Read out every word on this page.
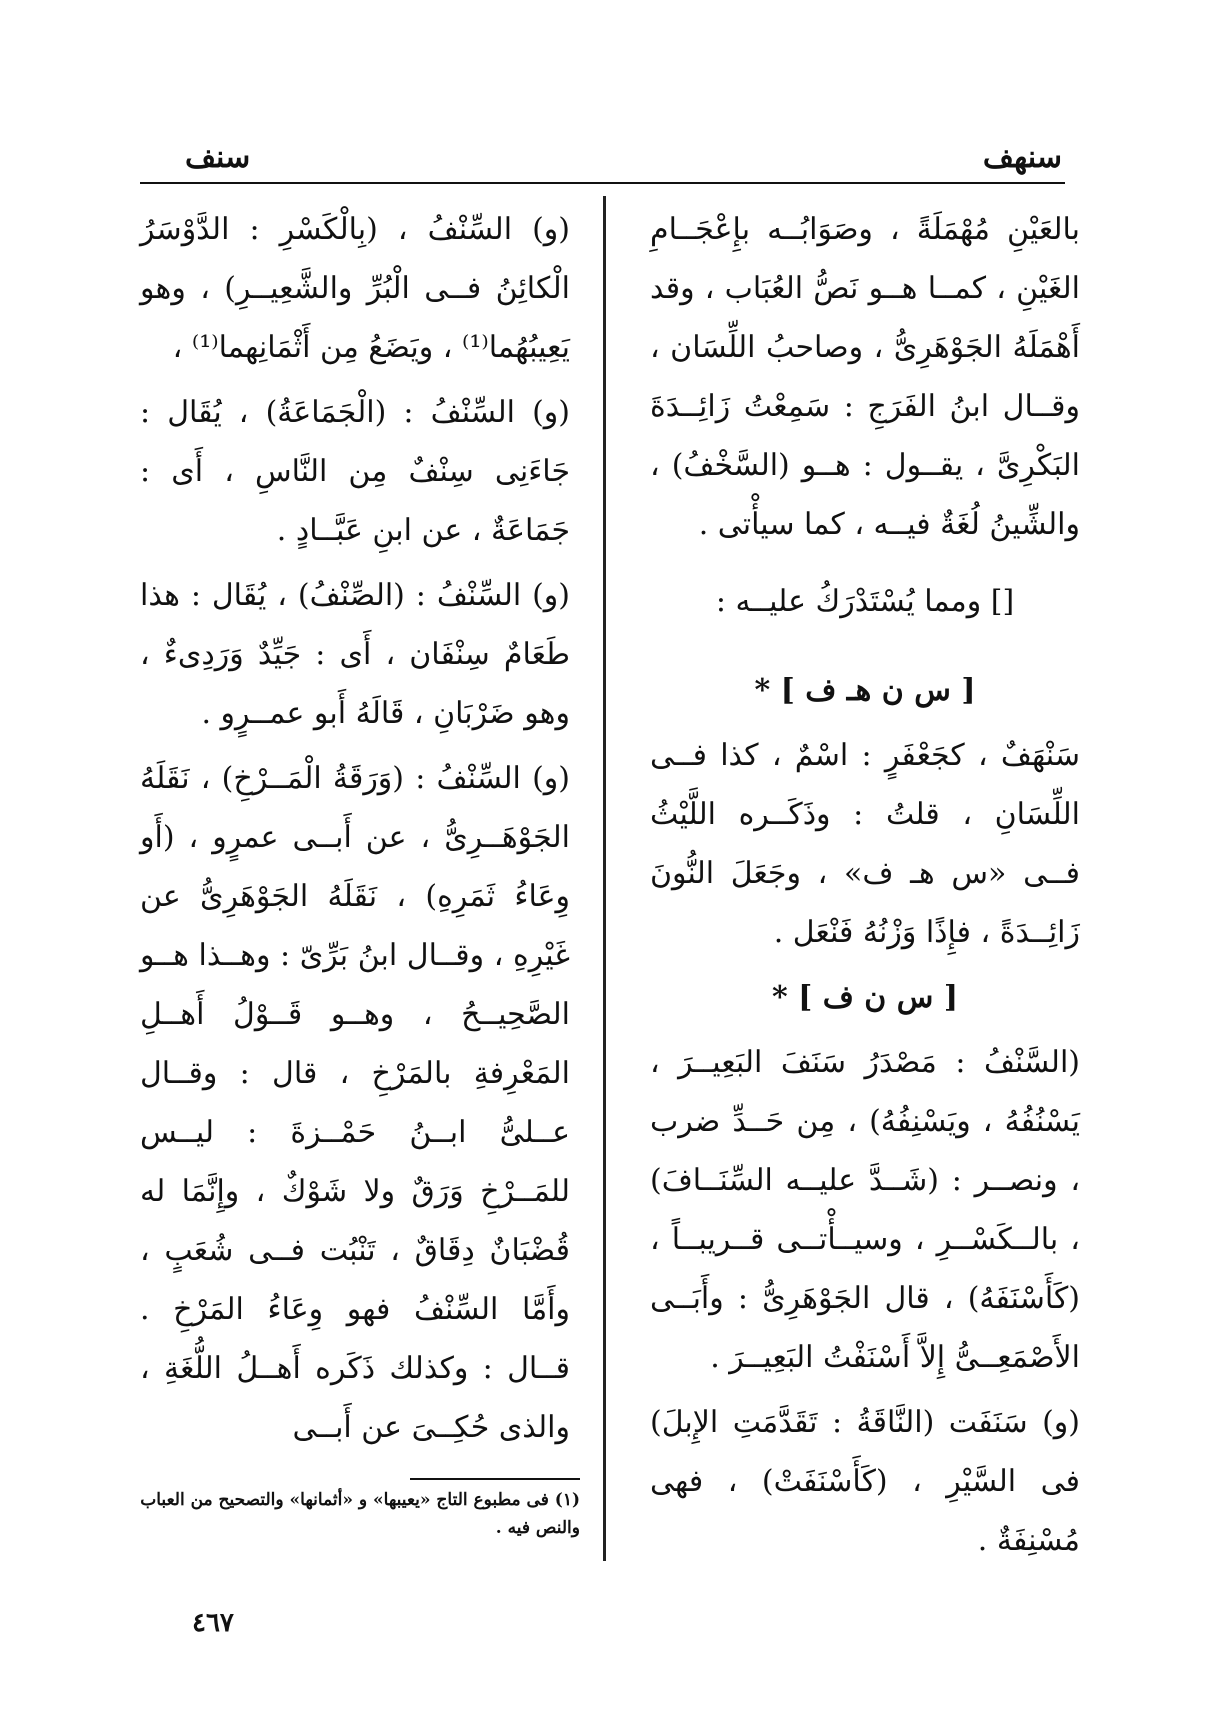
سنهف
سنف

بالعَيْنِ مُهْمَلَةً ، وصَوَابُــه بإِعْجَــامِ الغَيْنِ ، كمــا هــو نَصُّ العُبَاب ، وقد أَهْمَلَهُ الجَوْهَرِىُّ ، وصاحبُ اللِّسَان ، وقــال ابنُ الفَرَجِ : سَمِعْتُ زَائِــدَةَ البَكْرِىَّ ، يقــول : هــو (السَّخْفُ) ، والشِّينُ لُغَةٌ فيــه ، كما سيأْتى .

[] ومما يُسْتَدْرَكُ عليــه :

[ س ن هـ ف ] *

سَنْهَفٌ ، كجَعْفَرٍ : اسْمٌ ، كذا فــى اللِّسَانِ ، قلتُ : وذَكَــره اللَّيْثُ فــى «س هـ ف» ، وجَعَلَ النُّونَ زَائِــدَةً ، فإِذًا وَزْنُهُ فَنْعَل .

[ س ن ف ] *

(السَّنْفُ : مَصْدَرُ سَنَفَ البَعِيــرَ ، يَسْنُفُهُ ، ويَسْنِفُهُ) ، مِن حَــدِّ ضرب ، ونصــر : (شَــدَّ عليــه السِّنَــافَ) ، بالــكَسْــرِ ، وسيــأْتــى قــريبــاً ، (كَأَسْنَفَهُ) ، قال الجَوْهَرِىُّ : وأَبَــى الأَصْمَعِــىُّ إِلاَّ أَسْنَفْتُ البَعِيــرَ .

(و) سَنَفَت (النَّاقَةُ : تَقَدَّمَتِ الإِبلَ) فى السَّيْرِ ، (كَأَسْنَفَتْ) ، فهى مُسْنِفَةٌ .

(و) السِّنْفُ ، (بِالْكَسْرِ : الدَّوْسَرُ الْكائِنُ فــى الْبُرِّ والشَّعِيــرِ) ، وهو يَعِيبُهُما⁽¹⁾ ، ويَضَعُ مِن أَثْمَانِهما⁽¹⁾ ،

(و) السِّنْفُ : (الْجَمَاعَةُ) ، يُقَال : جَاءَنِى سِنْفٌ مِن النَّاسِ ، أَى : جَمَاعَةٌ ، عن ابنِ عَبَّــادٍ .

(و) السِّنْفُ : (الصِّنْفُ) ، يُقَال : هذا طَعَامٌ سِنْفَان ، أَى : جَيِّدٌ وَرَدِىءٌ ، وهو ضَرْبَانِ ، قَالَهُ أَبو عمــرٍو .

(و) السِّنْفُ : (وَرَقَةُ الْمَــرْخِ) ، نَقَلَهُ الجَوْهَــرِىُّ ، عن أَبــى عمرٍو ، (أَو وِعَاءُ ثَمَرِهِ) ، نَقَلَهُ الجَوْهَرِىُّ عن غَيْرِهِ ، وقــال ابنُ بَرِّىّ : وهــذا هــو الصَّحِيــحُ ، وهــو قَــوْلُ أَهــلِ المَعْرِفةِ بالمَرْخِ ، قال : وقــال عــلىُّ ابــنُ حَمْــزةَ : ليــس للمَــرْخِ وَرَقٌ ولا شَوْكٌ ، وإِنَّمَا له قُضْبَانٌ دِقَاقٌ ، تَنْبُت فــى شُعَبٍ ، وأَمَّا السِّنْفُ فهو وِعَاءُ المَرْخِ . قــال : وكذلك ذَكَره أَهــلُ اللُّغَةِ ، والذى حُكِــىَ عن أَبــى

(١) فى مطبوع التاج «يعيبها» و «أثمانها» والتصحيح من العباب والنص فيه .
٤٦٧
